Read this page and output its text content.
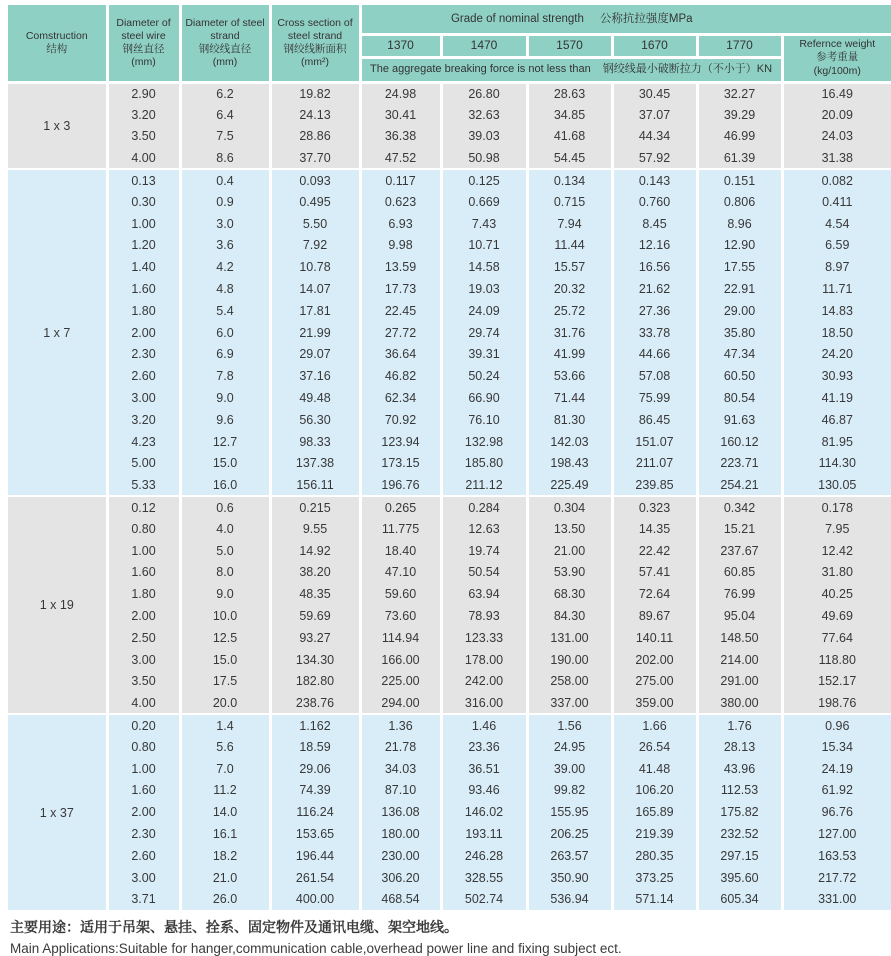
Comstruction
结构	Diameter of
steel wire
钢丝直径
(mm)	Diameter of steel
strand
钢绞线直径
(mm)	Cross section of
steel strand
钢绞线断面积
(mm²)	Grade of nominal strength 公称抗拉强度MPa					
				1370	1470	1570	1670	1770	Refernce weight
参考重量
(kg/100m)

				The aggregate breaking force is not less than 钢绞线最小破断拉力（不小于）KN					
1 x 3	2.90	6.2	19.82	24.98	26.80	28.63	30.45	32.27	16.49
	3.20	6.4	24.13	30.41	32.63	34.85	37.07	39.29	20.09
	3.50	7.5	28.86	36.38	39.03	41.68	44.34	46.99	24.03
	4.00	8.6	37.70	47.52	50.98	54.45	57.92	61.39	31.38
1 x 7	0.13	0.4	0.093	0.117	0.125	0.134	0.143	0.151	0.082
	0.30	0.9	0.495	0.623	0.669	0.715	0.760	0.806	0.411
	1.00	3.0	5.50	6.93	7.43	7.94	8.45	8.96	4.54
	1.20	3.6	7.92	9.98	10.71	11.44	12.16	12.90	6.59
	1.40	4.2	10.78	13.59	14.58	15.57	16.56	17.55	8.97
	1.60	4.8	14.07	17.73	19.03	20.32	21.62	22.91	11.71
	1.80	5.4	17.81	22.45	24.09	25.72	27.36	29.00	14.83
	2.00	6.0	21.99	27.72	29.74	31.76	33.78	35.80	18.50
	2.30	6.9	29.07	36.64	39.31	41.99	44.66	47.34	24.20
	2.60	7.8	37.16	46.82	50.24	53.66	57.08	60.50	30.93
	3.00	9.0	49.48	62.34	66.90	71.44	75.99	80.54	41.19
	3.20	9.6	56.30	70.92	76.10	81.30	86.45	91.63	46.87
	4.23	12.7	98.33	123.94	132.98	142.03	151.07	160.12	81.95
	5.00	15.0	137.38	173.15	185.80	198.43	211.07	223.71	114.30
	5.33	16.0	156.11	196.76	211.12	225.49	239.85	254.21	130.05
1 x 19	0.12	0.6	0.215	0.265	0.284	0.304	0.323	0.342	0.178
	0.80	4.0	9.55	11.775	12.63	13.50	14.35	15.21	7.95
	1.00	5.0	14.92	18.40	19.74	21.00	22.42	237.67	12.42
	1.60	8.0	38.20	47.10	50.54	53.90	57.41	60.85	31.80
	1.80	9.0	48.35	59.60	63.94	68.30	72.64	76.99	40.25
	2.00	10.0	59.69	73.60	78.93	84.30	89.67	95.04	49.69
	2.50	12.5	93.27	114.94	123.33	131.00	140.11	148.50	77.64
	3.00	15.0	134.30	166.00	178.00	190.00	202.00	214.00	118.80
	3.50	17.5	182.80	225.00	242.00	258.00	275.00	291.00	152.17
	4.00	20.0	238.76	294.00	316.00	337.00	359.00	380.00	198.76
1 x 37	0.20	1.4	1.162	1.36	1.46	1.56	1.66	1.76	0.96
	0.80	5.6	18.59	21.78	23.36	24.95	26.54	28.13	15.34
	1.00	7.0	29.06	34.03	36.51	39.00	41.48	43.96	24.19
	1.60	11.2	74.39	87.10	93.46	99.82	106.20	112.53	61.92
	2.00	14.0	116.24	136.08	146.02	155.95	165.89	175.82	96.76
	2.30	16.1	153.65	180.00	193.11	206.25	219.39	232.52	127.00
	2.60	18.2	196.44	230.00	246.28	263.57	280.35	297.15	163.53
	3.00	21.0	261.54	306.20	328.55	350.90	373.25	395.60	217.72
	3.71	26.0	400.00	468.54	502.74	536.94	571.14	605.34	331.00
主要用途：适用于吊架、悬挂、拴系、固定物件及通讯电缆、架空地线。
Main Applications:Suitable for hanger,communication cable,overhead power line and fixing subject ect.
